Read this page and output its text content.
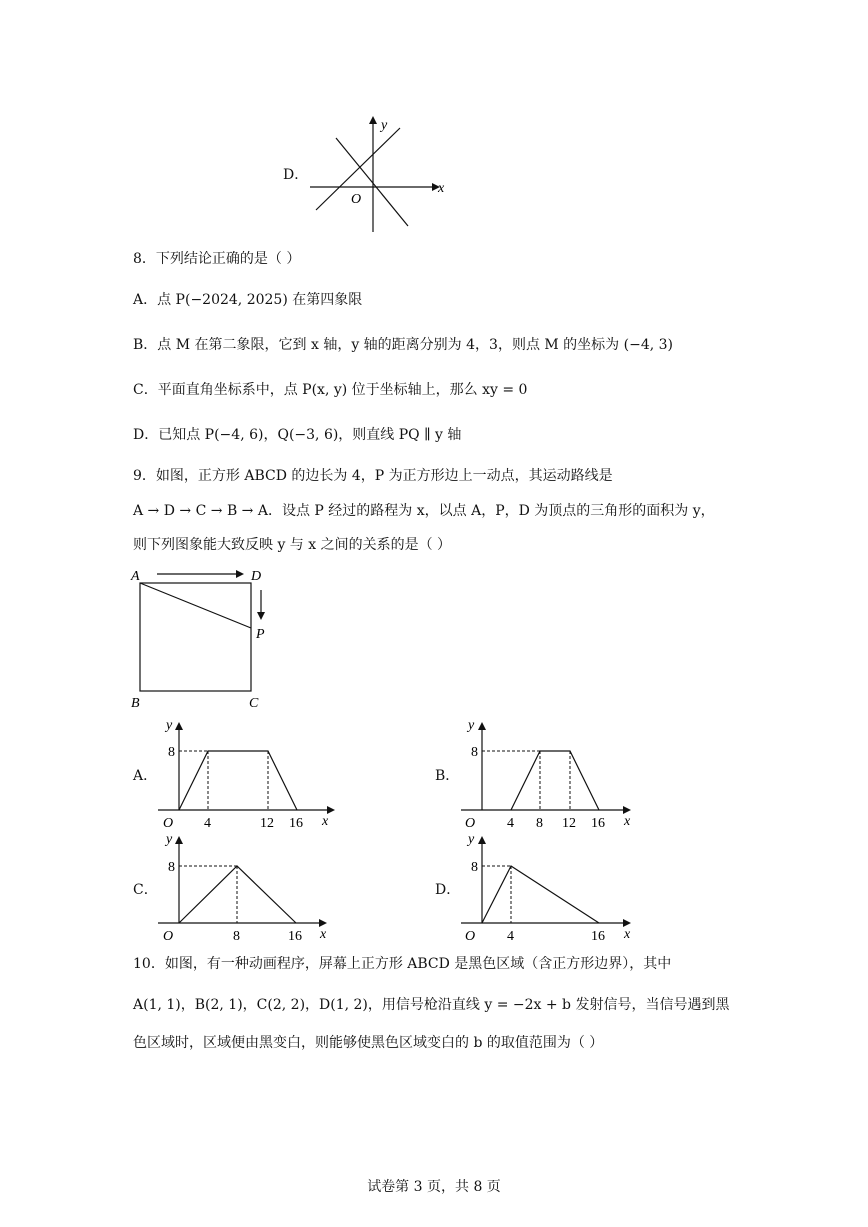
D．
y
x
O
8．下列结论正确的是（ ）
A．点 P(−2024, 2025) 在第四象限
B．点 M 在第二象限，它到 x 轴，y 轴的距离分别为 4，3，则点 M 的坐标为 (−4, 3)
C．平面直角坐标系中，点 P(x, y) 位于坐标轴上，那么 xy = 0
D．已知点 P(−4, 6)，Q(−3, 6)，则直线 PQ ∥ y 轴
9．如图，正方形 ABCD 的边长为 4，P 为正方形边上一动点，其运动路线是
A → D → C → B → A．设点 P 经过的路程为 x，以点 A，P，D 为顶点的三角形的面积为 y，
则下列图象能大致反映 y 与 x 之间的关系的是（ ）
A	D
P
B	C
A．	B．
C．	D．
y
8
O 4	12 16 x
y
8
O 4 8 12 16 x
y
8
O	8	16 x
y
8
O 4	16 x
10．如图，有一种动画程序，屏幕上正方形 ABCD 是黑色区域（含正方形边界），其中
A(1, 1)，B(2, 1)，C(2, 2)，D(1, 2)，用信号枪沿直线 y = −2x + b 发射信号，当信号遇到黑
色区域时，区域便由黑变白，则能够使黑色区域变白的 b 的取值范围为（ ）
试卷第 3 页，共 8 页
